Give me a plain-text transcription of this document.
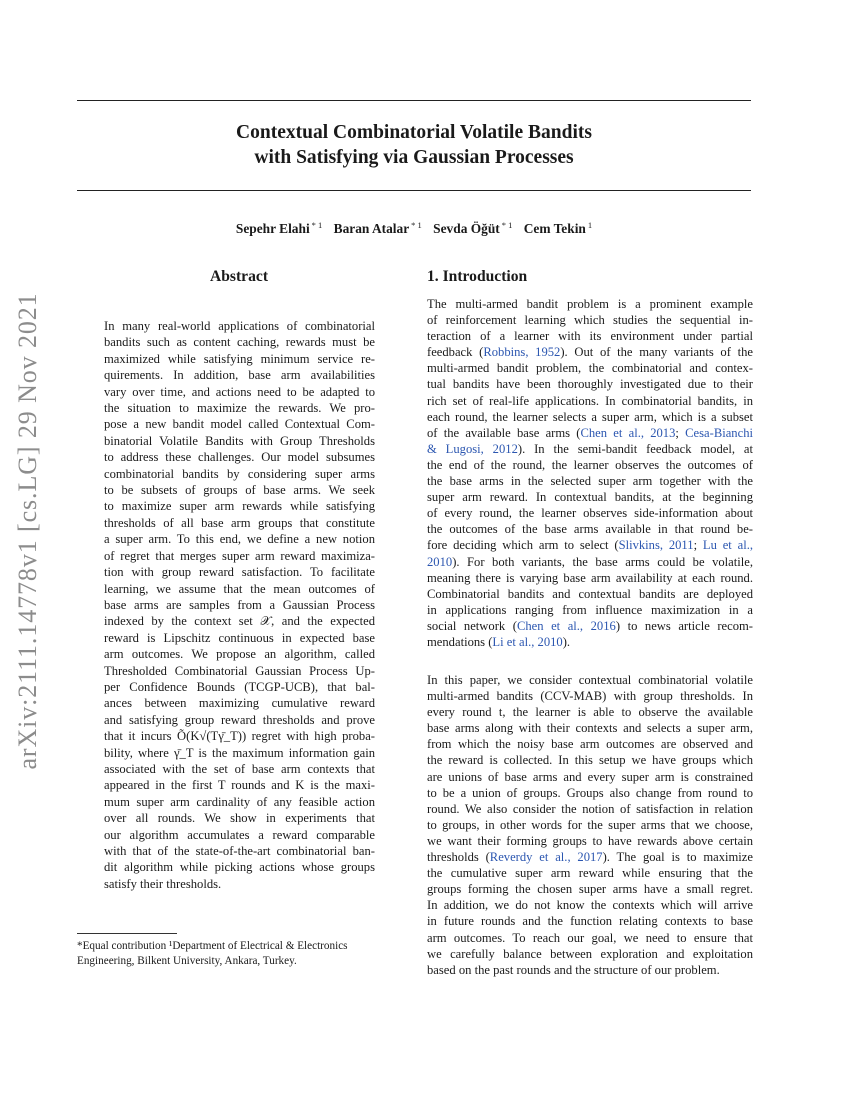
Contextual Combinatorial Volatile Bandits
with Satisfying via Gaussian Processes
Sepehr Elahi $^{* 1}$ Baran Atalar $^{* 1}$ Sevda Öğüt $^{* 1}$ Cem Tekin $^1$
arXiv:2111.14778v1 [cs.LG] 29 Nov 2021
Abstract
In many real-world applications of combinatorial
bandits such as content caching, rewards must be
maximized while satisfying minimum service re-
quirements. In addition, base arm availabilities
vary over time, and actions need to be adapted to
the situation to maximize the rewards. We pro-
pose a new bandit model called Contextual Com-
binatorial Volatile Bandits with Group Thresholds
to address these challenges. Our model subsumes
combinatorial bandits by considering super arms
to be subsets of groups of base arms. We seek
to maximize super arm rewards while satisfying
thresholds of all base arm groups that constitute
a super arm. To this end, we define a new notion
of regret that merges super arm reward maximiza-
tion with group reward satisfaction. To facilitate
learning, we assume that the mean outcomes of
base arms are samples from a Gaussian Process
indexed by the context set 𝒳, and the expected
reward is Lipschitz continuous in expected base
arm outcomes. We propose an algorithm, called
Thresholded Combinatorial Gaussian Process Up-
per Confidence Bounds (TCGP-UCB), that bal-
ances between maximizing cumulative reward
and satisfying group reward thresholds and prove
that it incurs Õ(K√(Tγ̄_T)) regret with high proba-
bility, where γ̄_T is the maximum information gain
associated with the set of base arm contexts that
appeared in the first T rounds and K is the maxi-
mum super arm cardinality of any feasible action
over all rounds. We show in experiments that
our algorithm accumulates a reward comparable
with that of the state-of-the-art combinatorial ban-
dit algorithm while picking actions whose groups
satisfy their thresholds.
*Equal contribution ¹Department of Electrical & Electronics
Engineering, Bilkent University, Ankara, Turkey.
1. Introduction
The multi-armed bandit problem is a prominent example
of reinforcement learning which studies the sequential in-
teraction of a learner with its environment under partial
feedback (Robbins, 1952). Out of the many variants of the
multi-armed bandit problem, the combinatorial and contex-
tual bandits have been thoroughly investigated due to their
rich set of real-life applications. In combinatorial bandits, in
each round, the learner selects a super arm, which is a subset
of the available base arms (Chen et al., 2013; Cesa-Bianchi
& Lugosi, 2012). In the semi-bandit feedback model, at
the end of the round, the learner observes the outcomes of
the base arms in the selected super arm together with the
super arm reward. In contextual bandits, at the beginning
of every round, the learner observes side-information about
the outcomes of the base arms available in that round be-
fore deciding which arm to select (Slivkins, 2011; Lu et al.,
2010). For both variants, the base arms could be volatile,
meaning there is varying base arm availability at each round.
Combinatorial bandits and contextual bandits are deployed
in applications ranging from influence maximization in a
social network (Chen et al., 2016) to news article recom-
mendations (Li et al., 2010).
In this paper, we consider contextual combinatorial volatile
multi-armed bandits (CCV-MAB) with group thresholds. In
every round t, the learner is able to observe the available
base arms along with their contexts and selects a super arm,
from which the noisy base arm outcomes are observed and
the reward is collected. In this setup we have groups which
are unions of base arms and every super arm is constrained
to be a union of groups. Groups also change from round to
round. We also consider the notion of satisfaction in relation
to groups, in other words for the super arms that we choose,
we want their forming groups to have rewards above certain
thresholds (Reverdy et al., 2017). The goal is to maximize
the cumulative super arm reward while ensuring that the
groups forming the chosen super arms have a small regret.
In addition, we do not know the contexts which will arrive
in future rounds and the function relating contexts to base
arm outcomes. To reach our goal, we need to ensure that
we carefully balance between exploration and exploitation
based on the past rounds and the structure of our problem.
